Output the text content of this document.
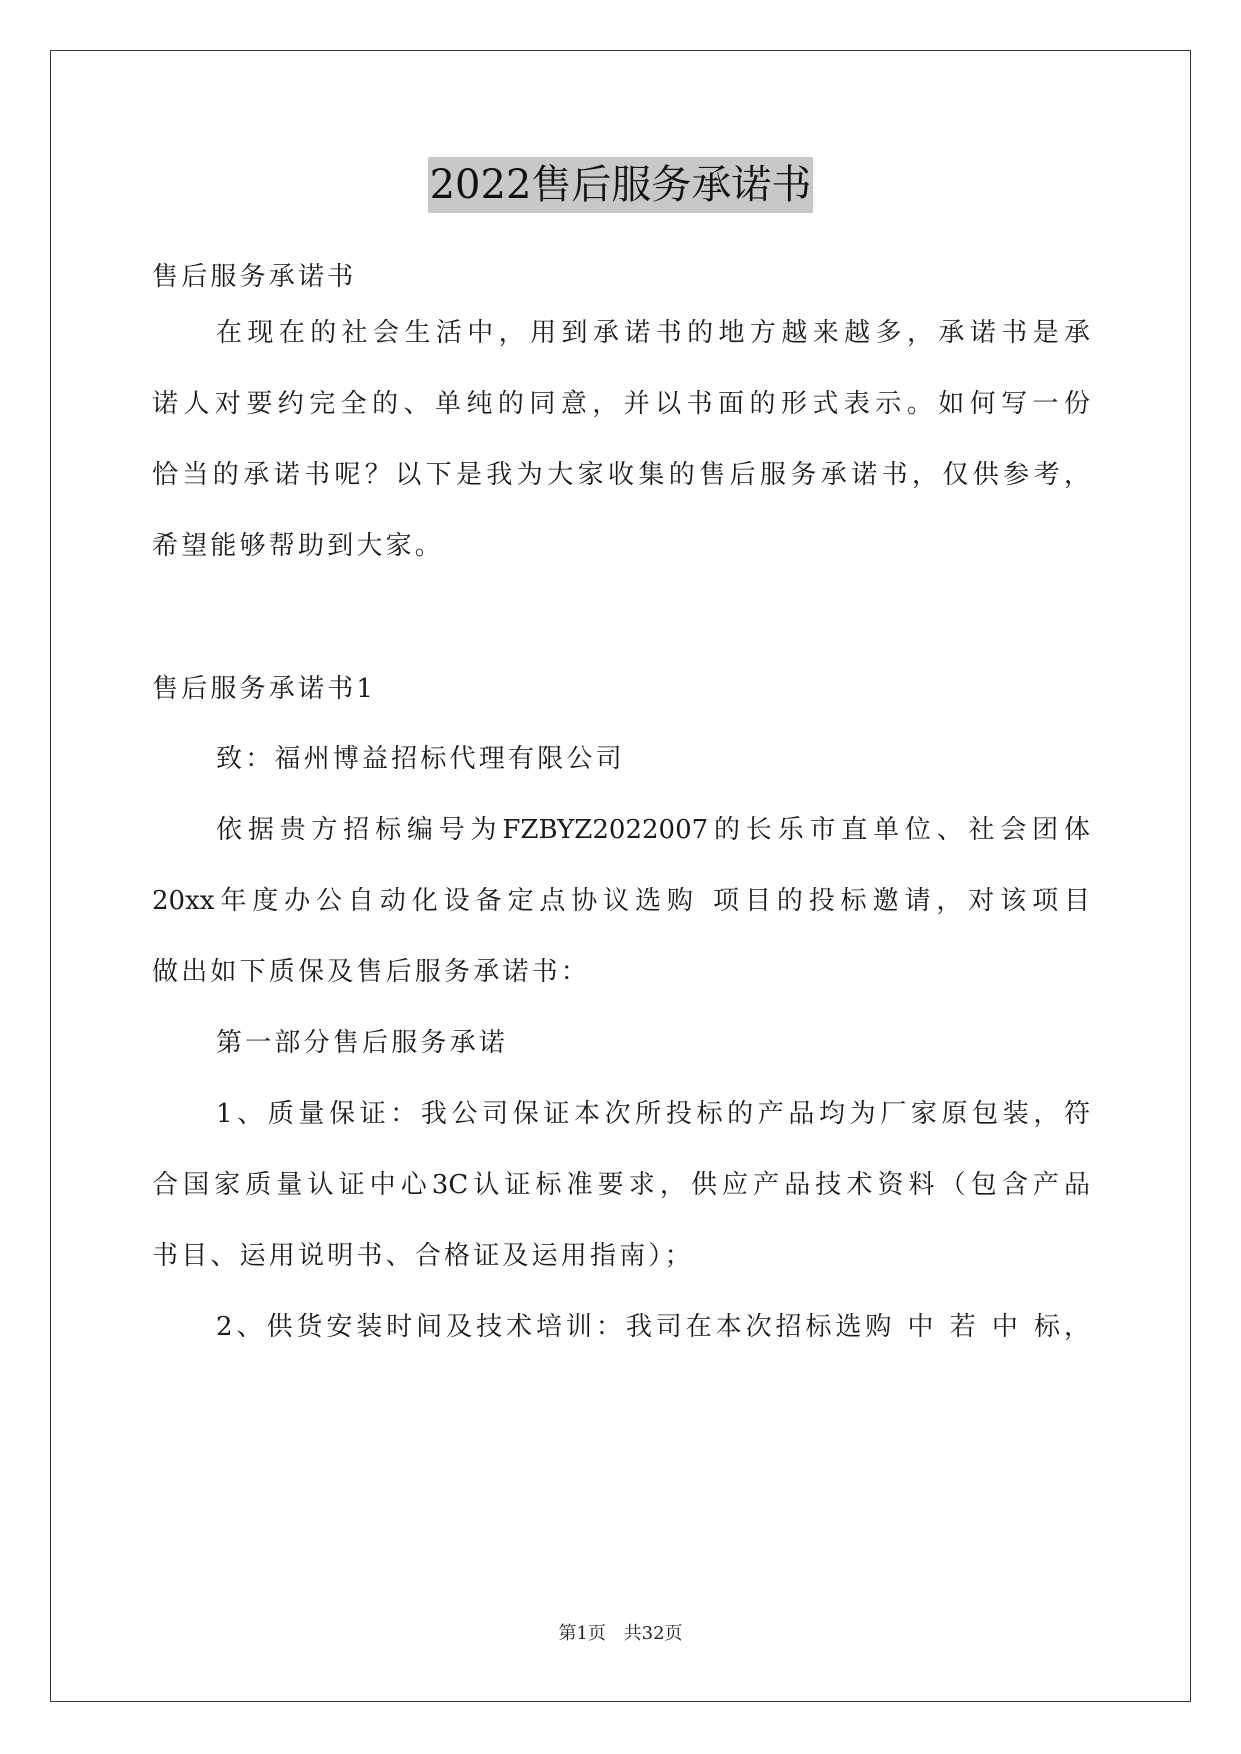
2022售后服务承诺书
售后服务承诺书
在现在的社会生活中，用到承诺书的地方越来越多，承诺书是承
诺人对要约完全的、单纯的同意，并以书面的形式表示。如何写一份
恰当的承诺书呢？以下是我为大家收集的售后服务承诺书，仅供参考，
希望能够帮助到大家。
售后服务承诺书1
致：福州博益招标代理有限公司
依据贵方招标编号为FZBYZ2022007的长乐市直单位、社会团体
20xx年度办公自动化设备定点协议选购 项目的投标邀请，对该项目
做出如下质保及售后服务承诺书：
第一部分售后服务承诺
1、质量保证：我公司保证本次所投标的产品均为厂家原包装，符
合国家质量认证中心3C认证标准要求，供应产品技术资料（包含产品
书目、运用说明书、合格证及运用指南）；
2、供货安装时间及技术培训：我司在本次招标选购 中 若 中 标，
第1页 共32页
